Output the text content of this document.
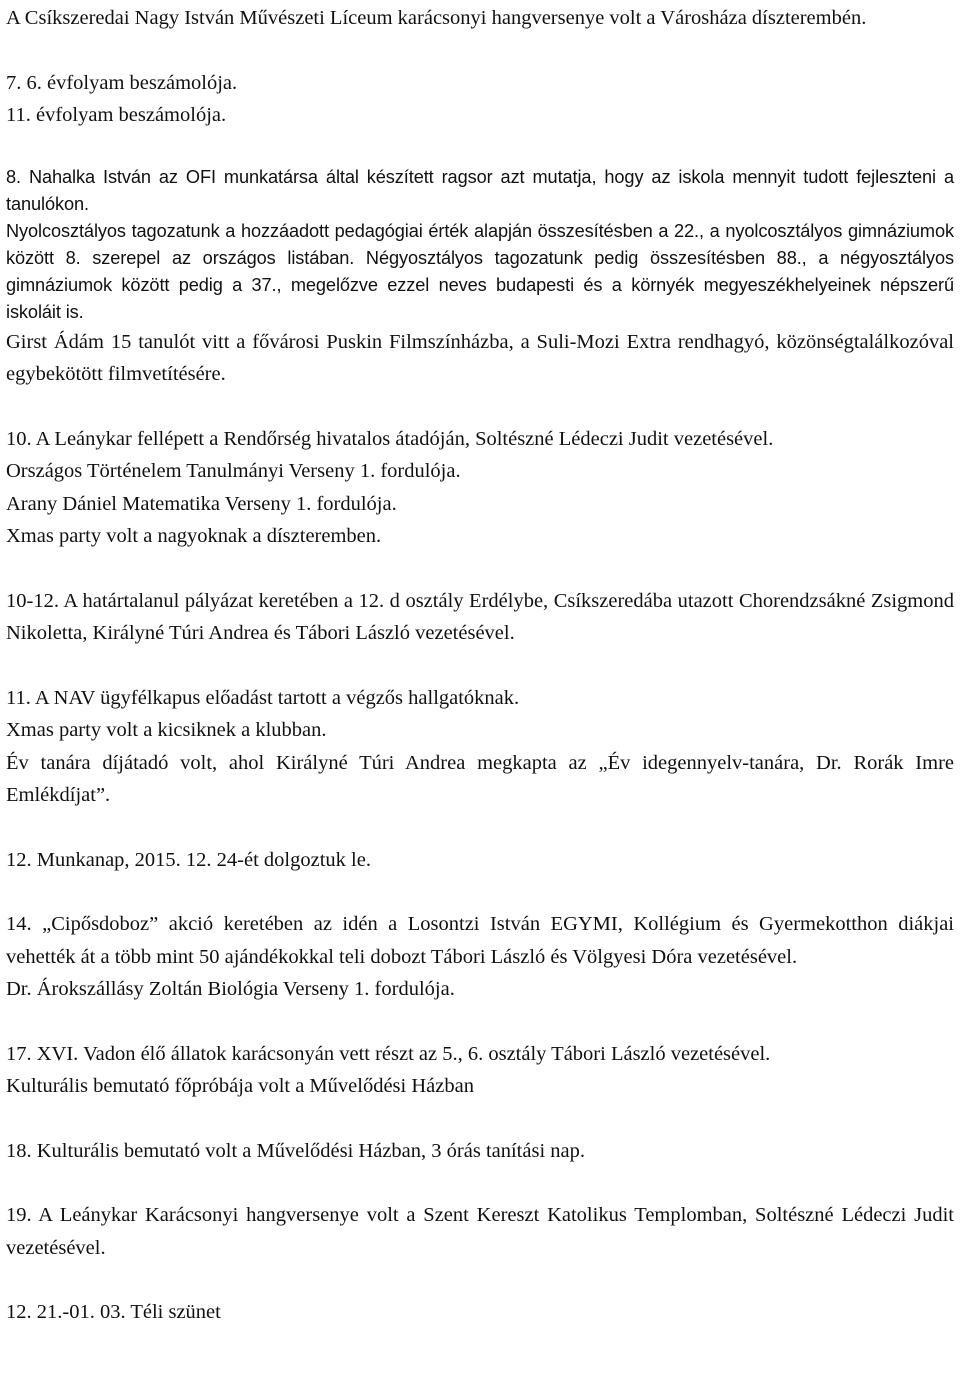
A Csíkszeredai Nagy István Művészeti Líceum karácsonyi hangversenye volt a Városháza díszterembén.

7. 6. évfolyam beszámolója.

11. évfolyam beszámolója.

8. Nahalka István az OFI munkatársa által készített ragsor azt mutatja, hogy az iskola mennyit tudott fejleszteni a tanulókon.

Nyolcosztályos tagozatunk a hozzáadott pedagógiai érték alapján összesítésben a 22., a nyolcosztályos gimnáziumok között 8. szerepel az országos listában. Négyosztályos tagozatunk pedig összesítésben 88., a négyosztályos gimnáziumok között pedig a 37., megelőzve ezzel neves budapesti és a környék megyeszékhelyeinek népszerű iskoláit is.

Girst Ádám 15 tanulót vitt a fővárosi Puskin Filmszínházba, a Suli-Mozi Extra rendhagyó, közönségtalálkozóval egybekötött filmvetítésére.

10. A Leánykar fellépett a Rendőrség hivatalos átadóján, Soltészné Lédeczi Judit vezetésével.

Országos Történelem Tanulmányi Verseny 1. fordulója.

Arany Dániel Matematika Verseny 1. fordulója.

Xmas party volt a nagyoknak a díszteremben.

10-12. A határtalanul pályázat keretében a 12. d osztály Erdélybe, Csíkszeredába utazott Chorendzsákné Zsigmond Nikoletta, Királyné Túri Andrea és Tábori László vezetésével.

11. A NAV ügyfélkapus előadást tartott a végzős hallgatóknak.

Xmas party volt a kicsiknek a klubban.

Év tanára díjátadó volt, ahol Királyné Túri Andrea megkapta az „Év idegennyelv-tanára, Dr. Rorák Imre Emlékdíjat”.

12. Munkanap, 2015. 12. 24-ét dolgoztuk le.

14. „Cipősdoboz” akció keretében az idén a Losontzi István EGYMI, Kollégium és Gyermekotthon diákjai vehették át a több mint 50 ajándékokkal teli dobozt Tábori László és Völgyesi Dóra vezetésével.

Dr. Árokszállásy Zoltán Biológia Verseny 1. fordulója.

17. XVI. Vadon élő állatok karácsonyán vett részt az 5., 6. osztály Tábori László vezetésével.

Kulturális bemutató főpróbája volt a Művelődési Házban

18. Kulturális bemutató volt a Művelődési Házban, 3 órás tanítási nap.

19. A Leánykar Karácsonyi hangversenye volt a Szent Kereszt Katolikus Templomban, Soltészné Lédeczi Judit vezetésével.

12. 21.-01. 03. Téli szünet
